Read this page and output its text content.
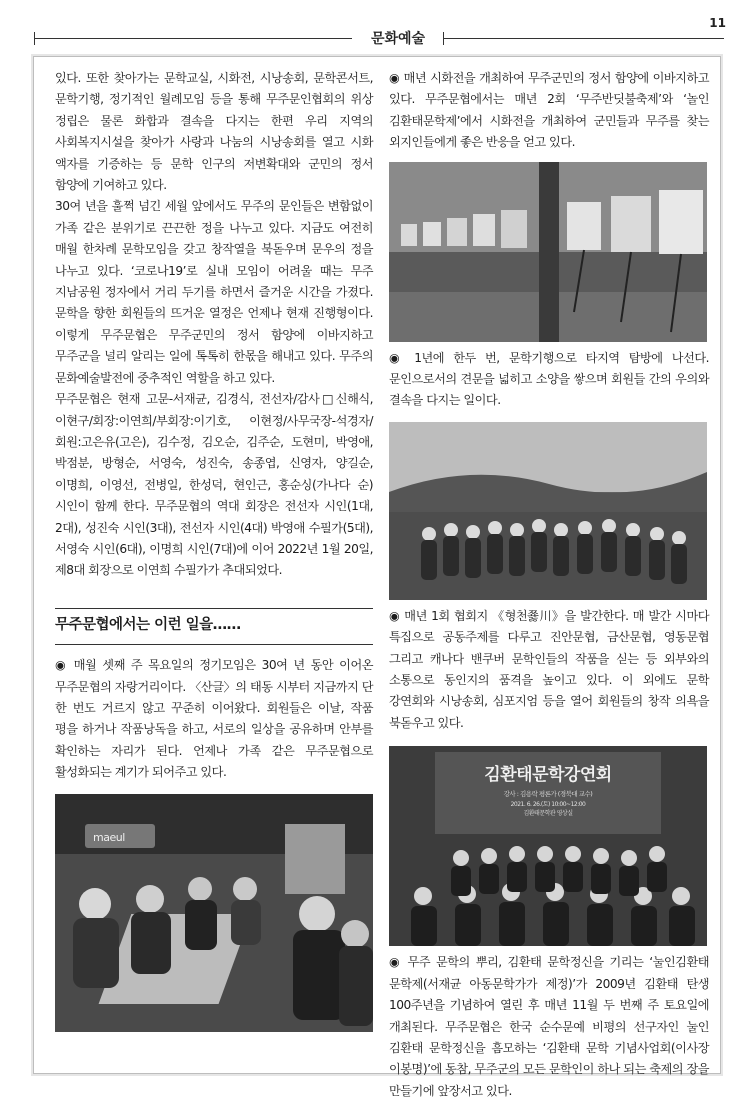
11
문화예술

있다. 또한 찾아가는 문학교실, 시화전, 시낭송회, 문학콘서트, 문학기행, 정기적인 월례모임 등을 통해 무주문인협회의 위상 정립은 물론 화합과 결속을 다지는 한편 우리 지역의 사회복지시설을 찾아가 사랑과 나눔의 시낭송회를 열고 시화 액자를 기증하는 등 문학 인구의 저변확대와 군민의 정서 함양에 기여하고 있다.

30여 년을 훌쩍 넘긴 세월 앞에서도 무주의 문인들은 변함없이 가족 같은 분위기로 끈끈한 정을 나누고 있다. 지금도 여전히 매월 한차례 문학모임을 갖고 창작열을 북돋우며 문우의 정을 나누고 있다. ‘코로나19’로 실내 모임이 어려울 때는 무주 지남공원 정자에서 거리 두기를 하면서 즐거운 시간을 가졌다. 문학을 향한 회원들의 뜨거운 열정은 언제나 현재 진행형이다. 이렇게 무주문협은 무주군민의 정서 함양에 이바지하고 무주군을 널리 알리는 일에 톡톡히 한몫을 해내고 있다. 무주의 문화예술발전에 중추적인 역할을 하고 있다.

무주문협은 현재 고문-서재균, 김경식, 전선자/감사□신해식, 이현구/회장:이연희/부회장:이기호, 이현정/사무국장-석경자/회원:고은유(고은), 김수정, 김오순, 김주순, 도현미, 박영애, 박점분, 방형순, 서영숙, 성진숙, 송종엽, 신영자, 양길순, 이명희, 이영선, 전병일, 한성덕, 현인근, 홍순싱(가나다 순)시인이 함께 한다. 무주문협의 역대 회장은 전선자 시인(1대, 2대), 성진숙 시인(3대), 전선자 시인(4대) 박영애 수필가(5대), 서영숙 시인(6대), 이명희 시인(7대)에 이어 2022년 1월 20일, 제8대 회장으로 이연희 수필가가 추대되었다.

무주문협에서는 이런 일을……

◉ 매월 셋째 주 목요일의 정기모임은 30여 년 동안 이어온 무주문협의 자랑거리이다. 〈산글〉의 태동 시부터 지금까지 단 한 번도 거르지 않고 꾸준히 이어왔다. 회원들은 이날, 작품 평을 하거나 작품낭독을 하고, 서로의 일상을 공유하며 안부를 확인하는 자리가 된다. 언제나 가족 같은 무주문협으로 활성화되는 계기가 되어주고 있다.

maeul

◉ 매년 시화전을 개최하여 무주군민의 정서 함양에 이바지하고 있다. 무주문협에서는 매년 2회 ‘무주반딧불축제’와 ‘놀인 김환태문학제’에서 시화전을 개최하여 군민들과 무주를 찾는 외지인들에게 좋은 반응을 얻고 있다.

◉ 1년에 한두 번, 문학기행으로 타지역 탐방에 나선다. 문인으로서의 견문을 넓히고 소양을 쌓으며 회원들 간의 우의와 결속을 다지는 일이다.

◉ 매년 1회 협회지 《형천쬻川》을 발간한다. 매 발간 시마다 특집으로 공동주제를 다루고 진안문협, 금산문협, 영동문협 그리고 캐나다 밴쿠버 문학인들의 작품을 싣는 등 외부와의 소통으로 동인지의 품격을 높이고 있다. 이 외에도 문학 강연회와 시낭송회, 심포지엄 등을 열어 회원들의 창작 의욕을 북돋우고 있다.

김환태문학강연회
강사 : 김용락 평론가 (경북대 교수)
2021. 6. 26.(토) 10:00~12:00
김환태문학관 영상실

◉ 무주 문학의 뿌리, 김환태 문학정신을 기리는 ‘눌인김환태 문학제(서재균 아동문학가가 제정)’가 2009년 김환태 탄생 100주년을 기념하여 열린 후 매년 11월 두 번째 주 토요일에 개최된다. 무주문협은 한국 순수문예 비평의 선구자인 눌인 김환태 문학정신을 흠모하는 ‘김환태 문학 기념사업회(이사장 이봉명)’에 동참, 무주군의 모든 문학인이 하나 되는 축제의 장을 만들기에 앞장서고 있다.
